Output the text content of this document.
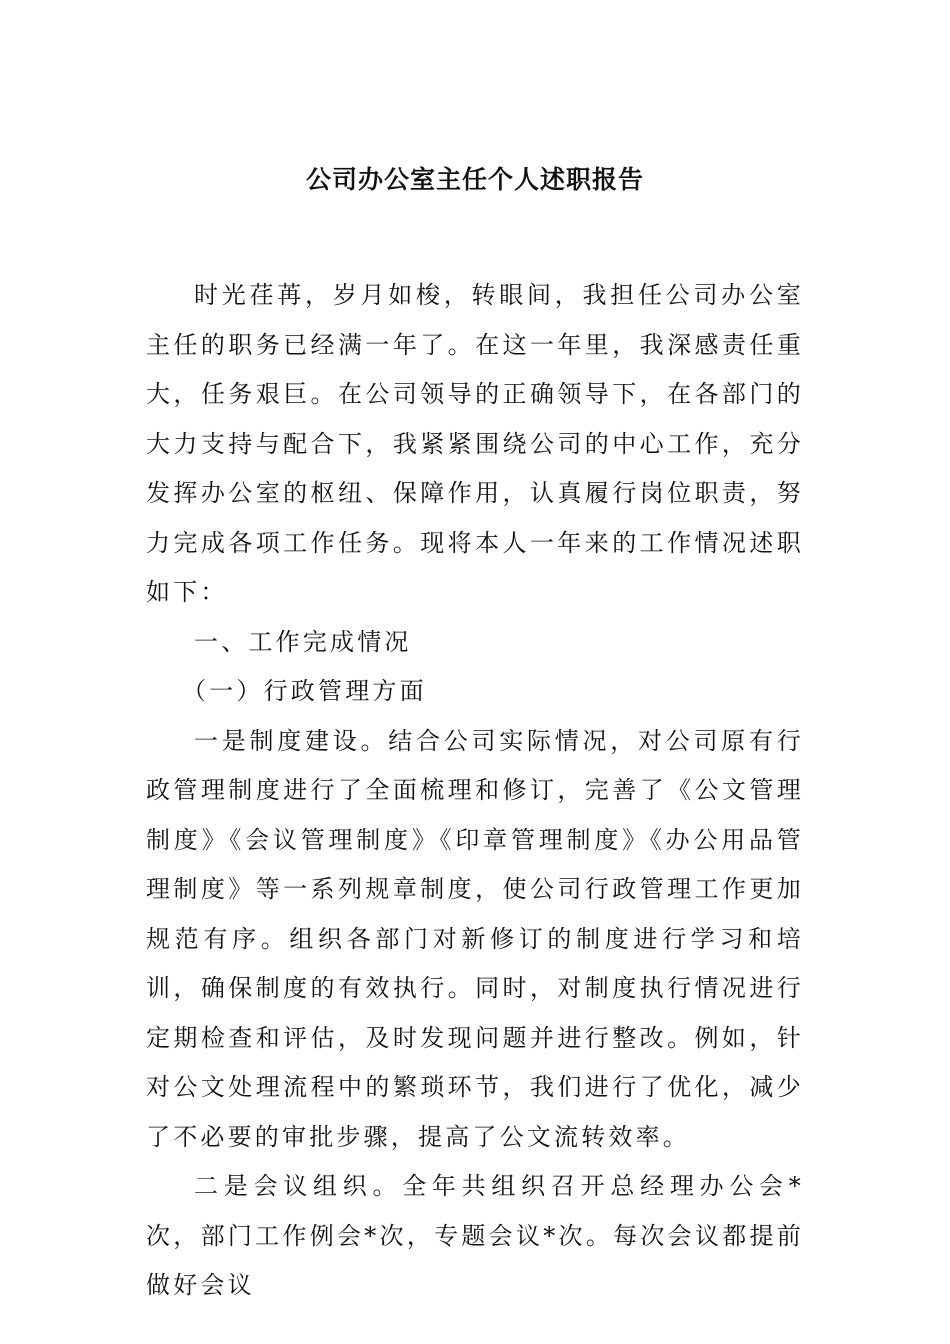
公司办公室主任个人述职报告

时光荏苒，岁月如梭，转眼间，我担任公司办公室主任的职务已经满一年了。在这一年里，我深感责任重大，任务艰巨。在公司领导的正确领导下，在各部门的大力支持与配合下，我紧紧围绕公司的中心工作，充分发挥办公室的枢纽、保障作用，认真履行岗位职责，努力完成各项工作任务。现将本人一年来的工作情况述职如下：

一、工作完成情况

（一）行政管理方面

一是制度建设。结合公司实际情况，对公司原有行政管理制度进行了全面梳理和修订，完善了《公文管理制度》《会议管理制度》《印章管理制度》《办公用品管理制度》等一系列规章制度，使公司行政管理工作更加规范有序。组织各部门对新修订的制度进行学习和培训，确保制度的有效执行。同时，对制度执行情况进行定期检查和评估，及时发现问题并进行整改。例如，针对公文处理流程中的繁琐环节，我们进行了优化，减少了不必要的审批步骤，提高了公文流转效率。

二是会议组织。全年共组织召开总经理办公会*次，部门工作例会*次，专题会议*次。每次会议都提前做好会议
